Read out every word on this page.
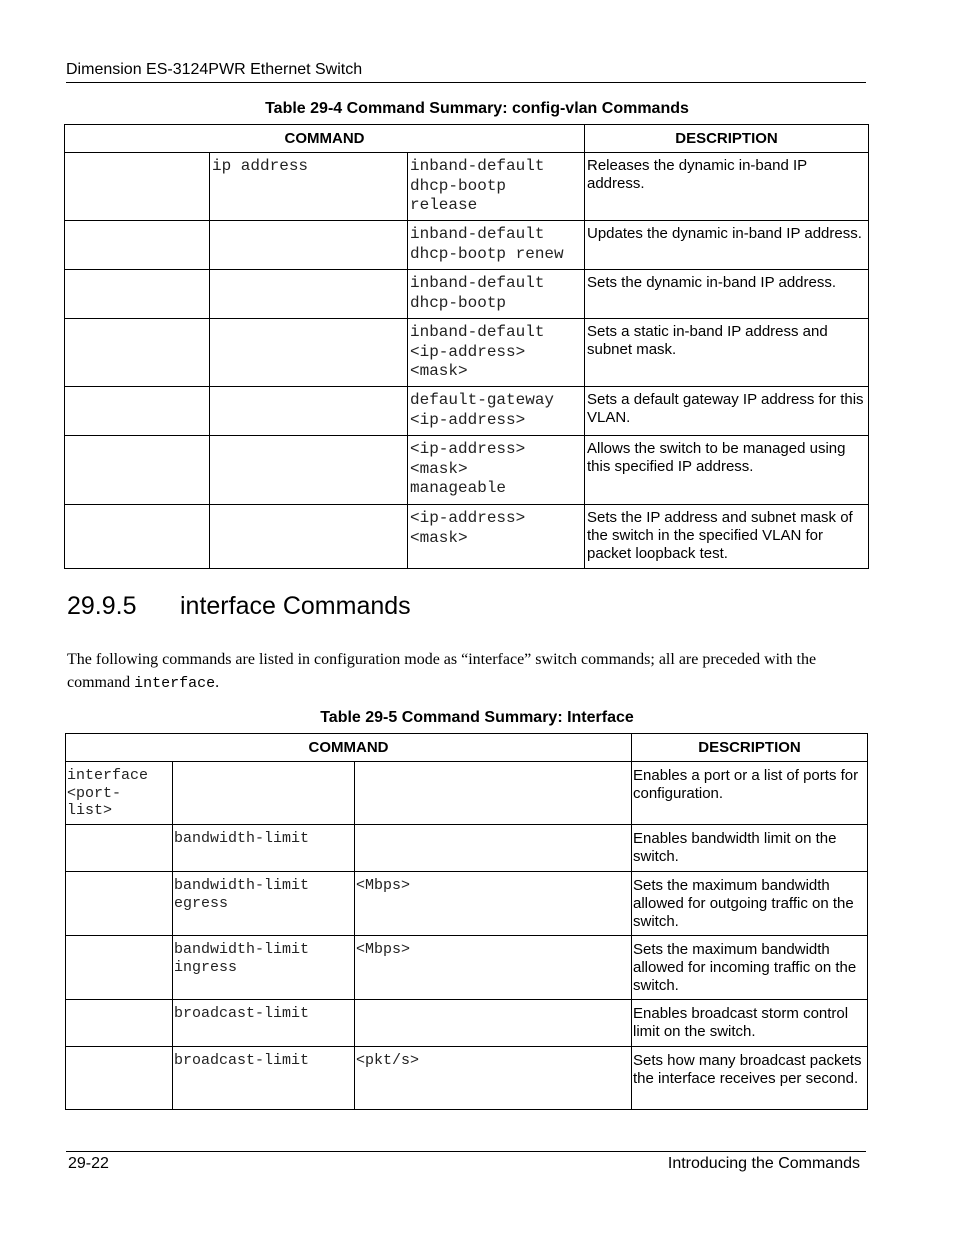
Dimension ES-3124PWR Ethernet Switch
Table 29-4 Command Summary: config-vlan Commands
COMMAND			DESCRIPTION
	ip address	inband-default
dhcp-bootp
release	Releases the dynamic in-band IP address.
		inband-default
dhcp-bootp renew	Updates the dynamic in-band IP address.
		inband-default
dhcp-bootp	Sets the dynamic in-band IP address.
		inband-default
<ip-address>
<mask>	Sets a static in-band IP address and subnet mask.
		default-gateway
<ip-address>	Sets a default gateway IP address for this VLAN.
		<ip-address>
<mask>
manageable	Allows the switch to be managed using this specified IP address.
		<ip-address>
<mask>	Sets the IP address and subnet mask of the switch in the specified VLAN for packet loopback test.
29.9.5 interface Commands
The following commands are listed in configuration mode as “interface” switch commands; all are preceded with the command interface.
Table 29-5 Command Summary: Interface
COMMAND			DESCRIPTION
interface
<port-
list>			Enables a port or a list of ports for configuration.
	bandwidth-limit		Enables bandwidth limit on the switch.
	bandwidth-limit
egress	<Mbps>	Sets the maximum bandwidth allowed for outgoing traffic on the switch.
	bandwidth-limit
ingress	<Mbps>	Sets the maximum bandwidth allowed for incoming traffic on the switch.
	broadcast-limit		Enables broadcast storm control limit on the switch.
	broadcast-limit	<pkt/s>	Sets how many broadcast packets the interface receives per second.
29-22	Introducing the Commands
